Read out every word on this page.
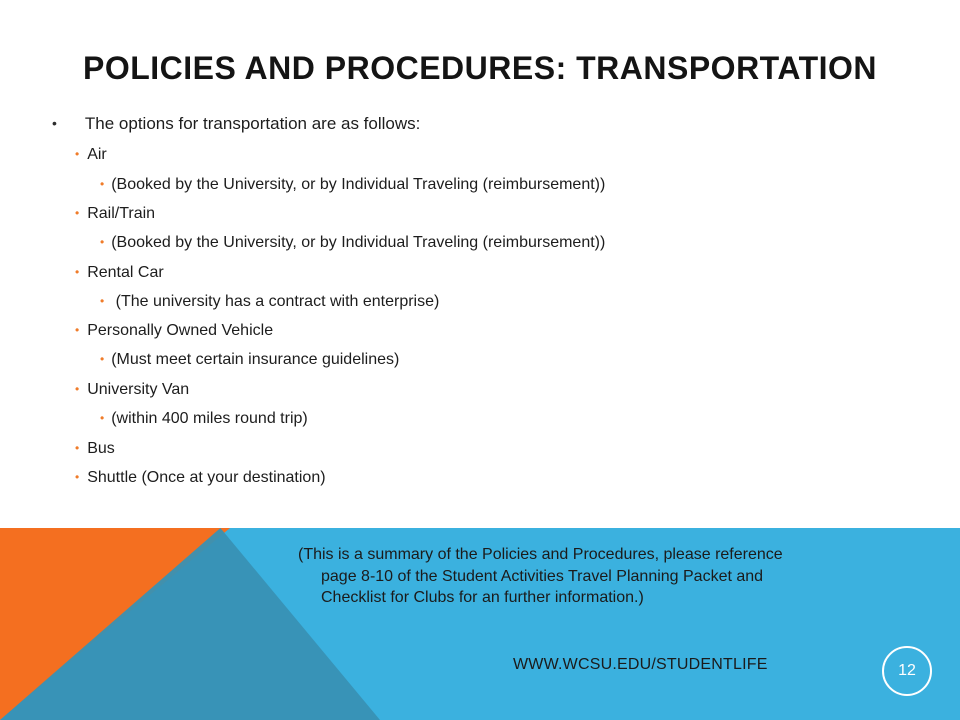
POLICIES AND PROCEDURES: TRANSPORTATION
• The options for transportation are as follows:
• Air
• (Booked by the University, or by Individual Traveling (reimbursement))
• Rail/Train
• (Booked by the University, or by Individual Traveling (reimbursement))
• Rental Car
• (The university has a contract with enterprise)
• Personally Owned Vehicle
• (Must meet certain insurance guidelines)
• University Van
• (within 400 miles round trip)
• Bus
• Shuttle (Once at your destination)
(This is a summary of the Policies and Procedures, please reference
page 8-10 of the Student Activities Travel Planning Packet and
Checklist for Clubs for an further information.)
WWW.WCSU.EDU/STUDENTLIFE	12
